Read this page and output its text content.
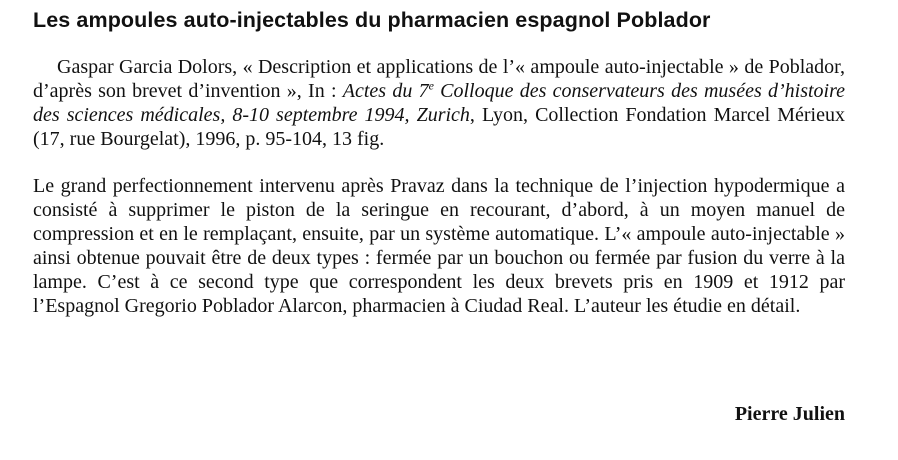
Les ampoules auto-injectables du pharmacien espagnol Poblador

Gaspar Garcia Dolors, « Description et applications de l’« ampoule auto-injectable » de Poblador, d’après son brevet d’invention », In : Actes du 7e Colloque des conservateurs des musées d’histoire des sciences médicales, 8-10 septembre 1994, Zurich, Lyon, Collection Fondation Marcel Mérieux (17, rue Bourgelat), 1996, p. 95-104, 13 fig.

Le grand perfectionnement intervenu après Pravaz dans la technique de l’injection hypodermique a consisté à supprimer le piston de la seringue en recourant, d’abord, à un moyen manuel de compression et en le remplaçant, ensuite, par un système automatique. L’« ampoule auto-injectable » ainsi obtenue pouvait être de deux types : fermée par un bouchon ou fermée par fusion du verre à la lampe. C’est à ce second type que correspondent les deux brevets pris en 1909 et 1912 par l’Espagnol Gregorio Poblador Alarcon, pharmacien à Ciudad Real. L’auteur les étudie en détail.

Pierre Julien
